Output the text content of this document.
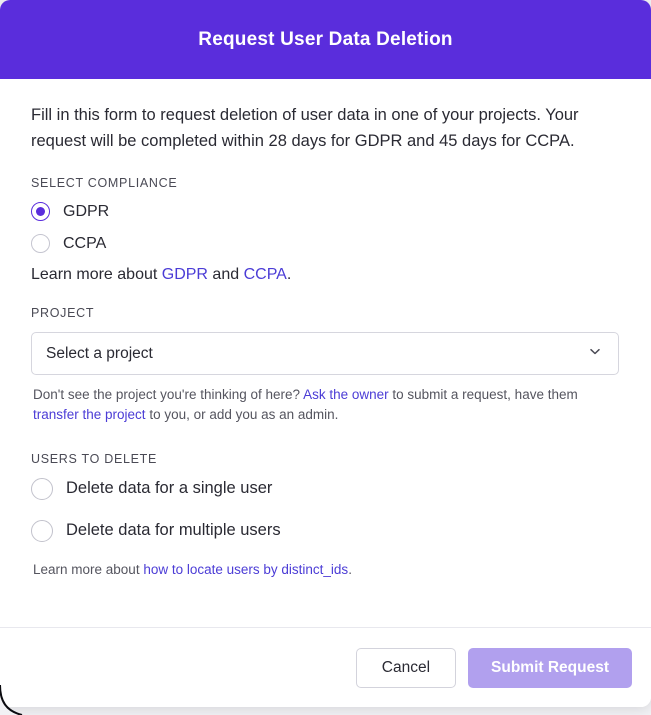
Request User Data Deletion

Fill in this form to request deletion of user data in one of your projects. Your request will be completed within 28 days for GDPR and 45 days for CCPA.

SELECT COMPLIANCE
GDPR
CCPA

Learn more about GDPR and CCPA.

PROJECT
Select a project

Don't see the project you're thinking of here? Ask the owner to submit a request, have them transfer the project to you, or add you as an admin.

USERS TO DELETE
Delete data for a single user
Delete data for multiple users

Learn more about how to locate users by distinct_ids.

Cancel	Submit Request
